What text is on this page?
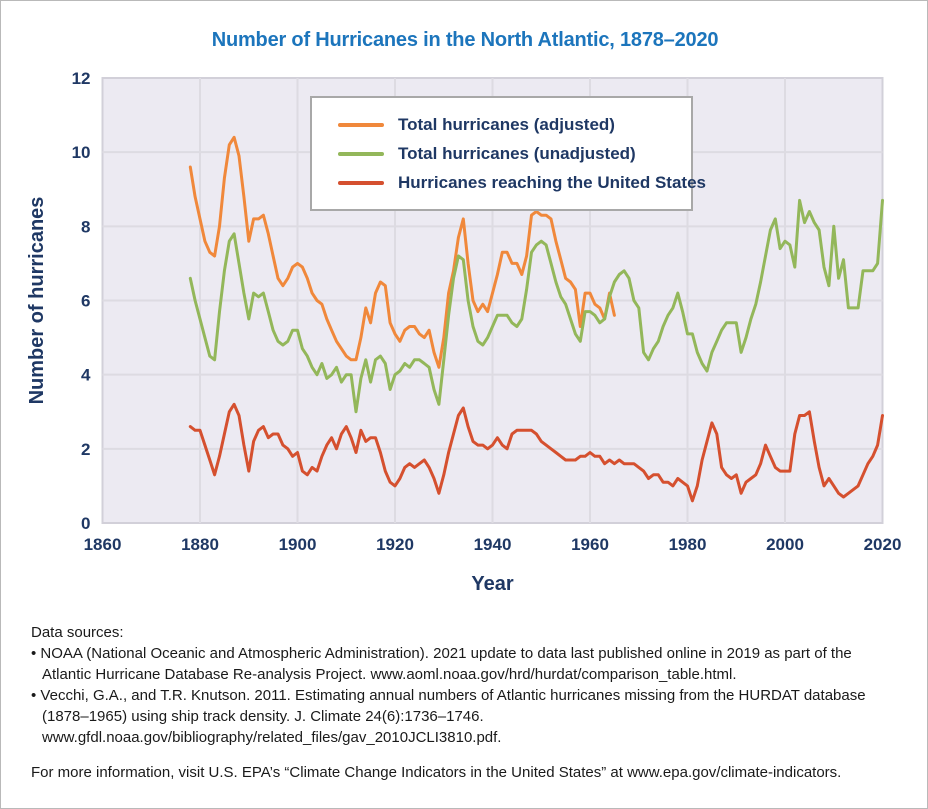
Number of Hurricanes in the North Atlantic, 1878–2020
0
2
4
6
8
10
12
1860	1880	1900	1920	1940	1960	1980	2000	2020
Year
Number of hurricanes
Total hurricanes (adjusted)
Total hurricanes (unadjusted)
Hurricanes reaching the United States
Data sources:
• NOAA (National Oceanic and Atmospheric Administration). 2021 update to data last published online in 2019 as part of the
Atlantic Hurricane Database Re-analysis Project. www.aoml.noaa.gov/hrd/hurdat/comparison_table.html.
• Vecchi, G.A., and T.R. Knutson. 2011. Estimating annual numbers of Atlantic hurricanes missing from the HURDAT database
(1878–1965) using ship track density. J. Climate 24(6):1736–1746.
www.gfdl.noaa.gov/bibliography/related_files/gav_2010JCLI3810.pdf.
For more information, visit U.S. EPA’s “Climate Change Indicators in the United States” at www.epa.gov/climate-indicators.
